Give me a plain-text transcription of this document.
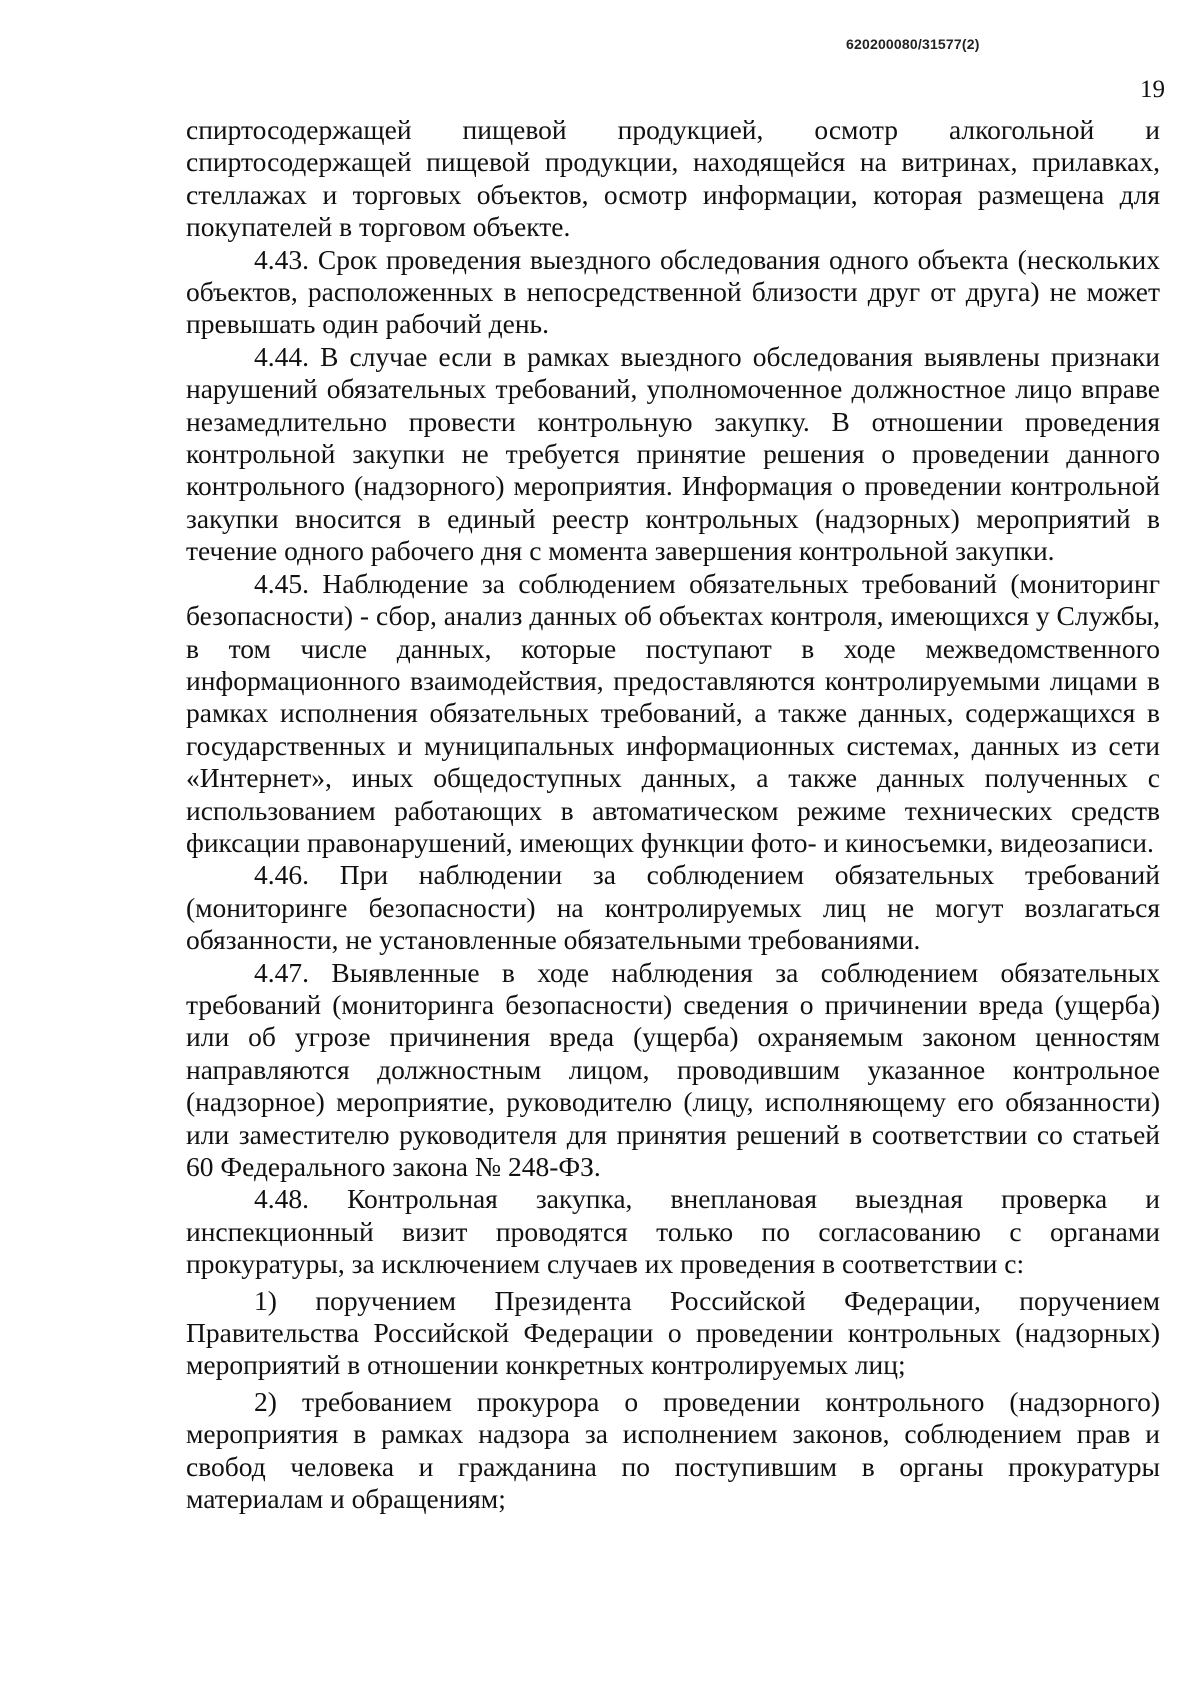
620200080/31577(2)
19

спиртосодержащей пищевой продукцией, осмотр алкогольной и спиртосодержащей пищевой продукции, находящейся на витринах, прилавках, стеллажах и торговых объектов, осмотр информации, которая размещена для покупателей в торговом объекте.

4.43. Срок проведения выездного обследования одного объекта (нескольких объектов, расположенных в непосредственной близости друг от друга) не может превышать один рабочий день.

4.44. В случае если в рамках выездного обследования выявлены признаки нарушений обязательных требований, уполномоченное должностное лицо вправе незамедлительно провести контрольную закупку. В отношении проведения контрольной закупки не требуется принятие решения о проведении данного контрольного (надзорного) мероприятия. Информация о проведении контрольной закупки вносится в единый реестр контрольных (надзорных) мероприятий в течение одного рабочего дня с момента завершения контрольной закупки.

4.45. Наблюдение за соблюдением обязательных требований (мониторинг безопасности) - сбор, анализ данных об объектах контроля, имеющихся у Службы, в том числе данных, которые поступают в ходе межведомственного информационного взаимодействия, предоставляются контролируемыми лицами в рамках исполнения обязательных требований, а также данных, содержащихся в государственных и муниципальных информационных системах, данных из сети «Интернет», иных общедоступных данных, а также данных полученных с использованием работающих в автоматическом режиме технических средств фиксации правонарушений, имеющих функции фото- и киносъемки, видеозаписи.

4.46. При наблюдении за соблюдением обязательных требований (мониторинге безопасности) на контролируемых лиц не могут возлагаться обязанности, не установленные обязательными требованиями.

4.47. Выявленные в ходе наблюдения за соблюдением обязательных требований (мониторинга безопасности) сведения о причинении вреда (ущерба) или об угрозе причинения вреда (ущерба) охраняемым законом ценностям направляются должностным лицом, проводившим указанное контрольное (надзорное) мероприятие, руководителю (лицу, исполняющему его обязанности) или заместителю руководителя для принятия решений в соответствии со статьей 60 Федерального закона № 248-ФЗ.

4.48. Контрольная закупка, внеплановая выездная проверка и инспекционный визит проводятся только по согласованию с органами прокуратуры, за исключением случаев их проведения в соответствии с:

1) поручением Президента Российской Федерации, поручением Правительства Российской Федерации о проведении контрольных (надзорных) мероприятий в отношении конкретных контролируемых лиц;

2) требованием прокурора о проведении контрольного (надзорного) мероприятия в рамках надзора за исполнением законов, соблюдением прав и свобод человека и гражданина по поступившим в органы прокуратуры материалам и обращениям;
